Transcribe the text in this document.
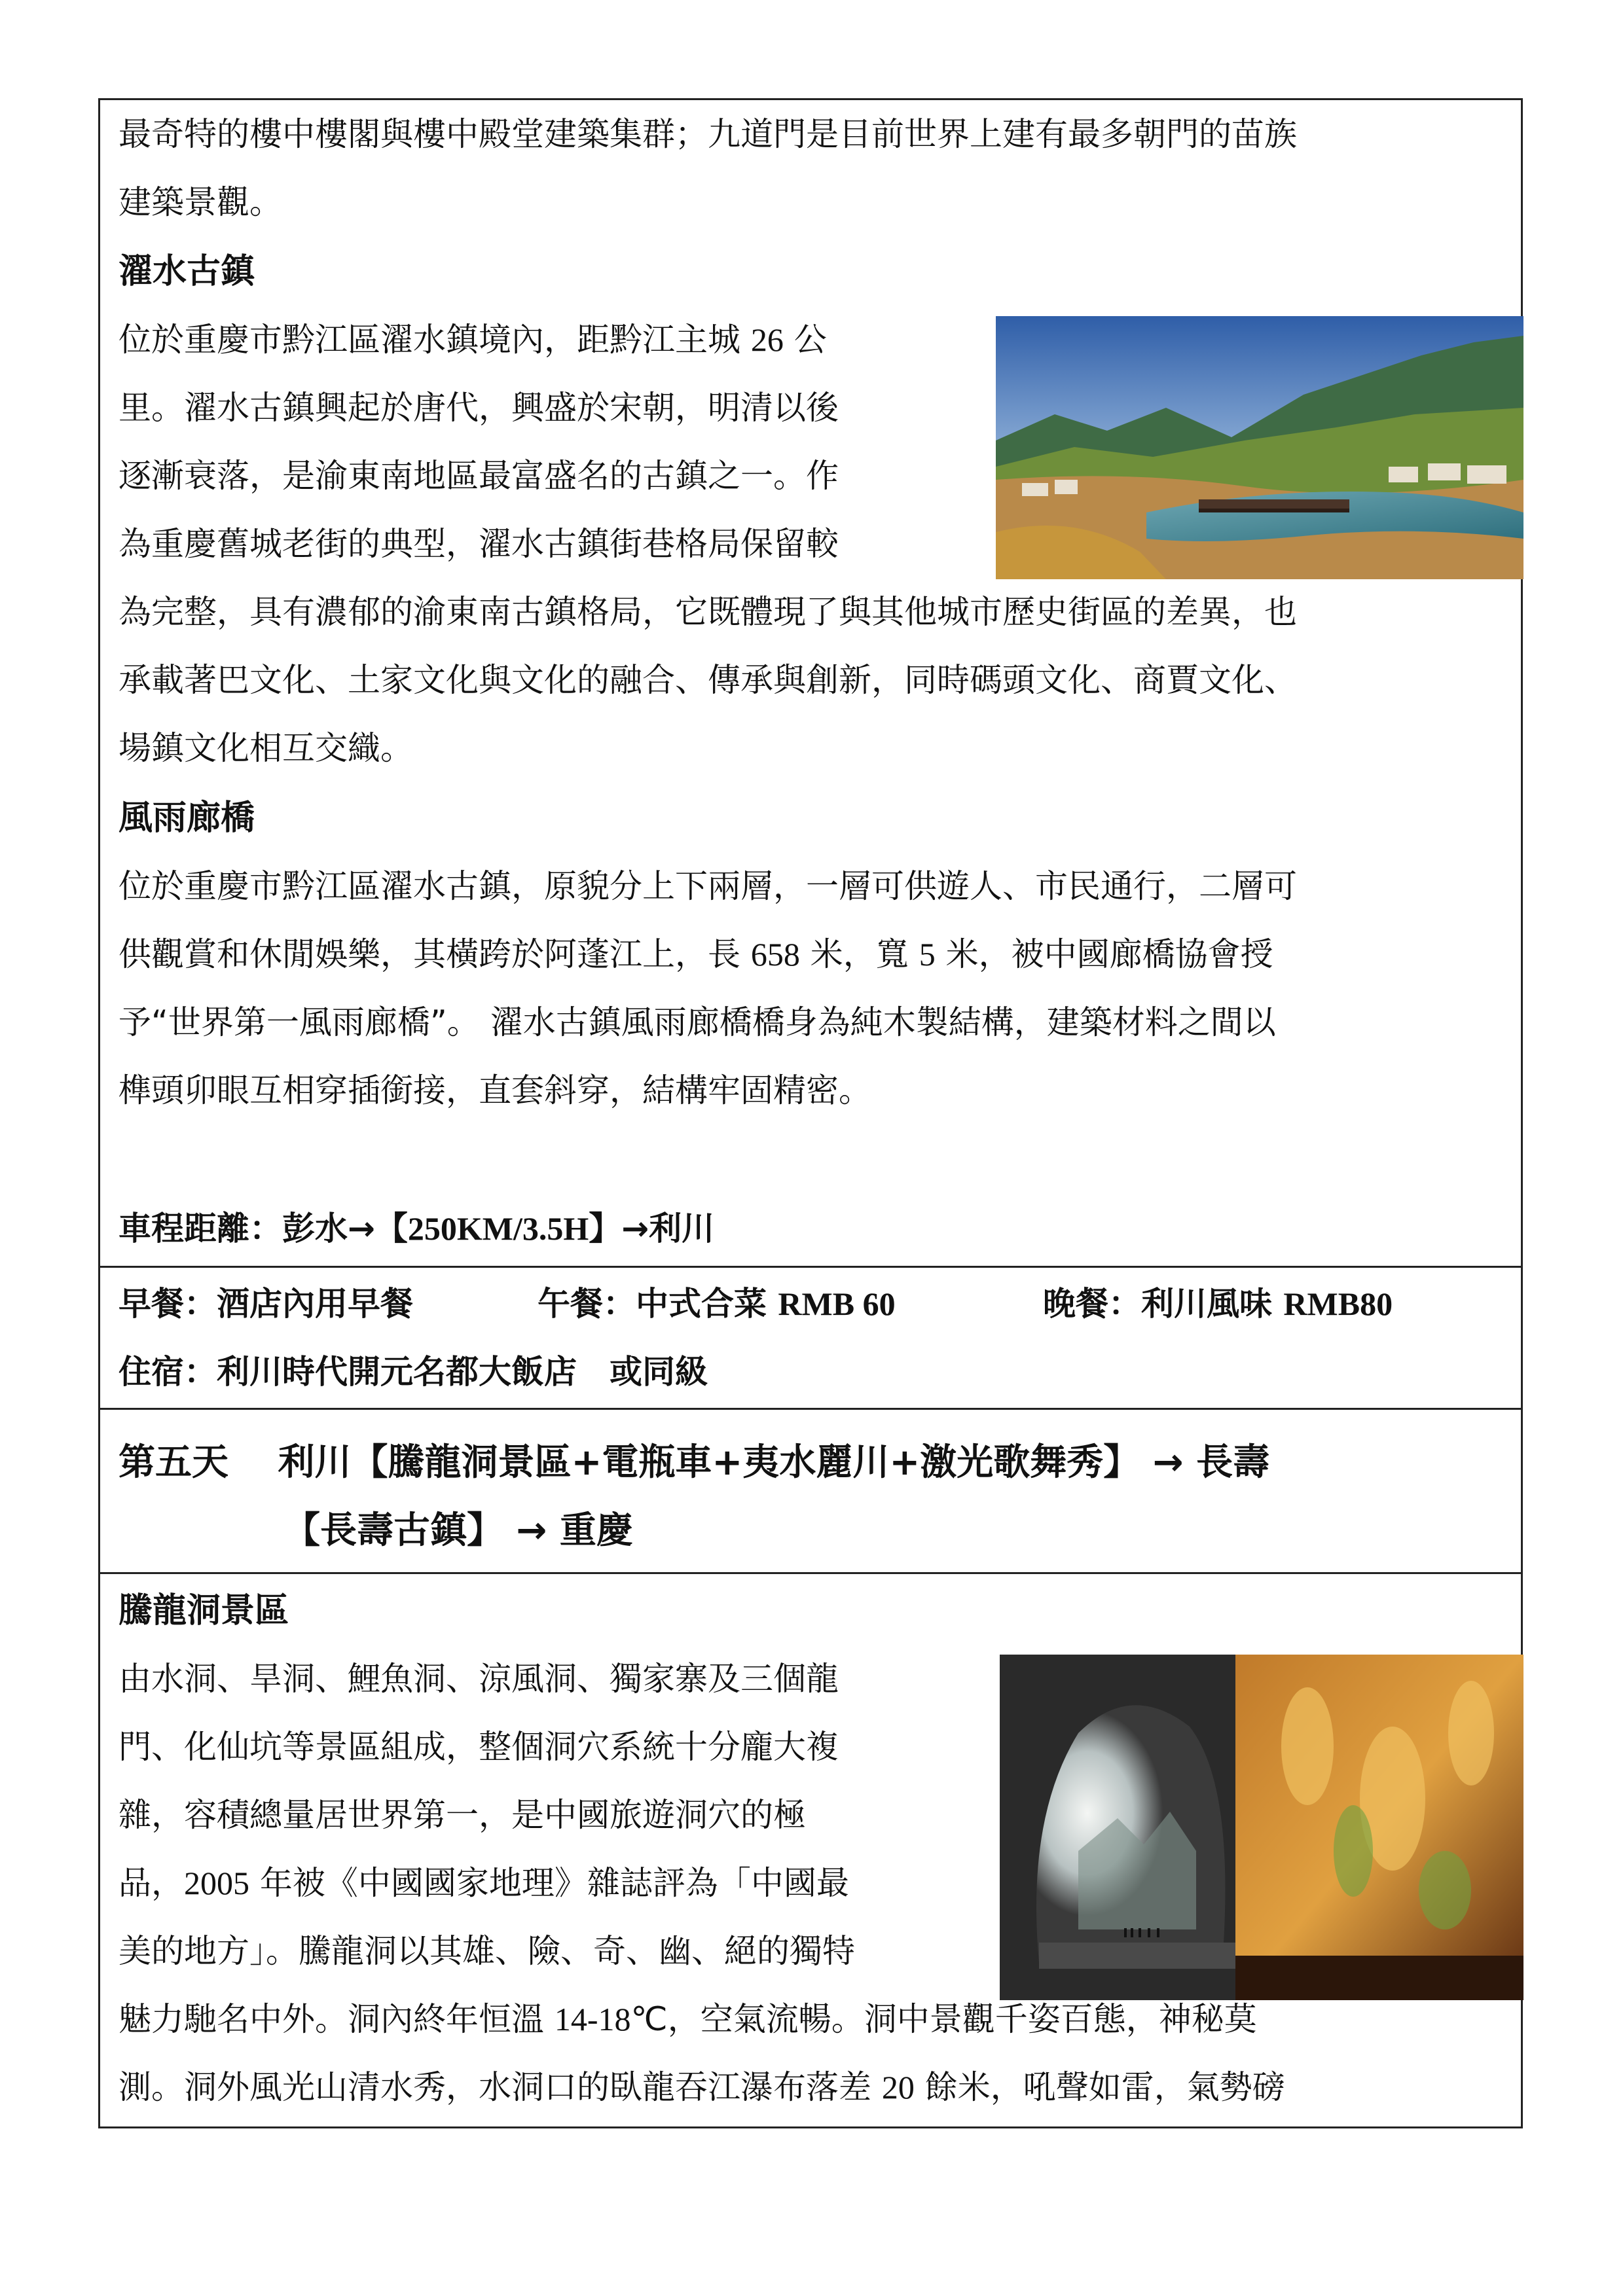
最奇特的樓中樓閣與樓中殿堂建築集群；九道門是目前世界上建有最多朝門的苗族
建築景觀。
濯水古鎮
位於重慶市黔江區濯水鎮境內，距黔江主城 26 公
里。濯水古鎮興起於唐代，興盛於宋朝，明清以後
逐漸衰落，是渝東南地區最富盛名的古鎮之一。作
為重慶舊城老街的典型，濯水古鎮街巷格局保留較
為完整，具有濃郁的渝東南古鎮格局，它既體現了與其他城市歷史街區的差異，也
承載著巴文化、土家文化與文化的融合、傳承與創新，同時碼頭文化、商賈文化、
場鎮文化相互交織。
風雨廊橋
位於重慶市黔江區濯水古鎮，原貌分上下兩層，一層可供遊人、市民通行，二層可
供觀賞和休閒娛樂，其橫跨於阿蓬江上，長 658 米，寬 5 米，被中國廊橋協會授
予“世界第一風雨廊橋”。 濯水古鎮風雨廊橋橋身為純木製結構，建築材料之間以
榫頭卯眼互相穿插銜接，直套斜穿，結構牢固精密。
車程距離：彭水→【250KM/3.5H】→利川
早餐：酒店內用早餐	午餐：中式合菜 RMB 60	晚餐：利川風味 RMB80
住宿：利川時代開元名都大飯店　或同級
第五天　 利川【騰龍洞景區+電瓶車+夷水麗川+激光歌舞秀】 → 長壽
【長壽古鎮】 → 重慶
騰龍洞景區
由水洞、旱洞、鯉魚洞、涼風洞、獨家寨及三個龍
門、化仙坑等景區組成，整個洞穴系統十分龐大複
雜，容積總量居世界第一，是中國旅遊洞穴的極
品，2005 年被《中國國家地理》雜誌評為「中國最
美的地方」。騰龍洞以其雄、險、奇、幽、絕的獨特
魅力馳名中外。洞內終年恒溫 14-18℃，空氣流暢。洞中景觀千姿百態，神秘莫
測。洞外風光山清水秀，水洞口的臥龍吞江瀑布落差 20 餘米，吼聲如雷，氣勢磅
